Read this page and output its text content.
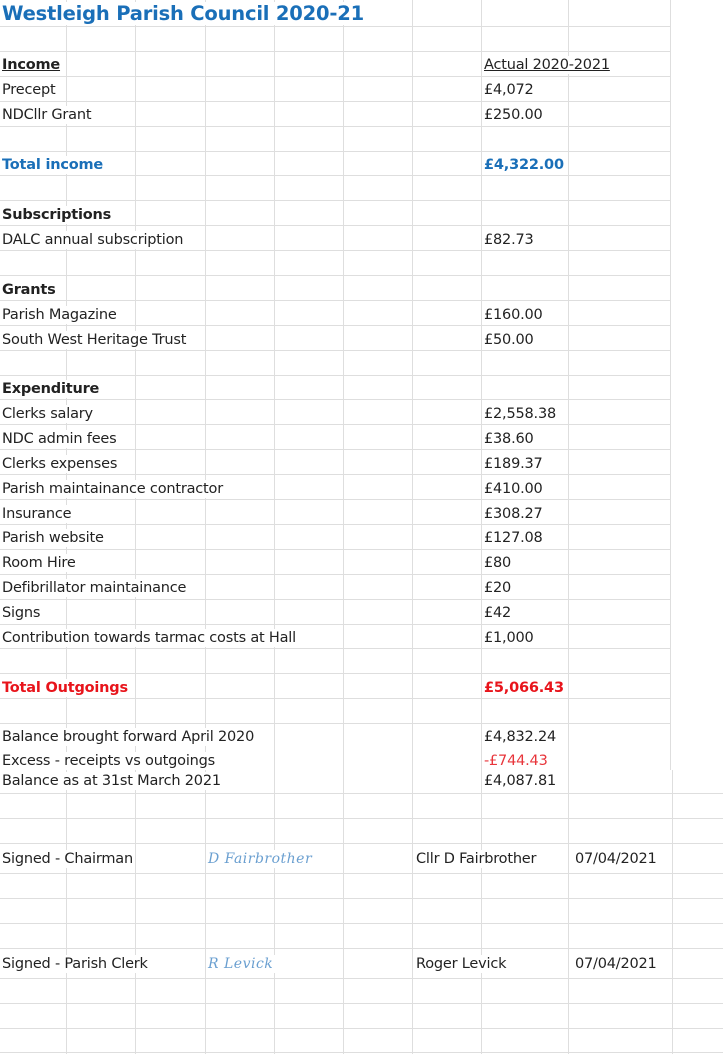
Westleigh Parish Council 2020-21
Income	Actual 2020-2021
Precept	£4,072
NDCllr Grant	£250.00
Total income	£4,322.00
Subscriptions
DALC annual subscription	£82.73
Grants
Parish Magazine	£160.00
South West Heritage Trust	£50.00
Expenditure
Clerks salary	£2,558.38
NDC admin fees	£38.60
Clerks expenses	£189.37
Parish maintainance contractor	£410.00
Insurance	£308.27
Parish website	£127.08
Room Hire	£80
Defibrillator maintainance	£20
Signs	£42
Contribution towards tarmac costs at Hall	£1,000
Total Outgoings	£5,066.43
Balance brought forward April 2020	£4,832.24
Excess - receipts vs outgoings	-£744.43
Balance as at 31st March 2021	£4,087.81
Signed - Chairman	D Fairbrother	Cllr D Fairbrother	07/04/2021
Signed - Parish Clerk	R Levick	Roger Levick	07/04/2021
